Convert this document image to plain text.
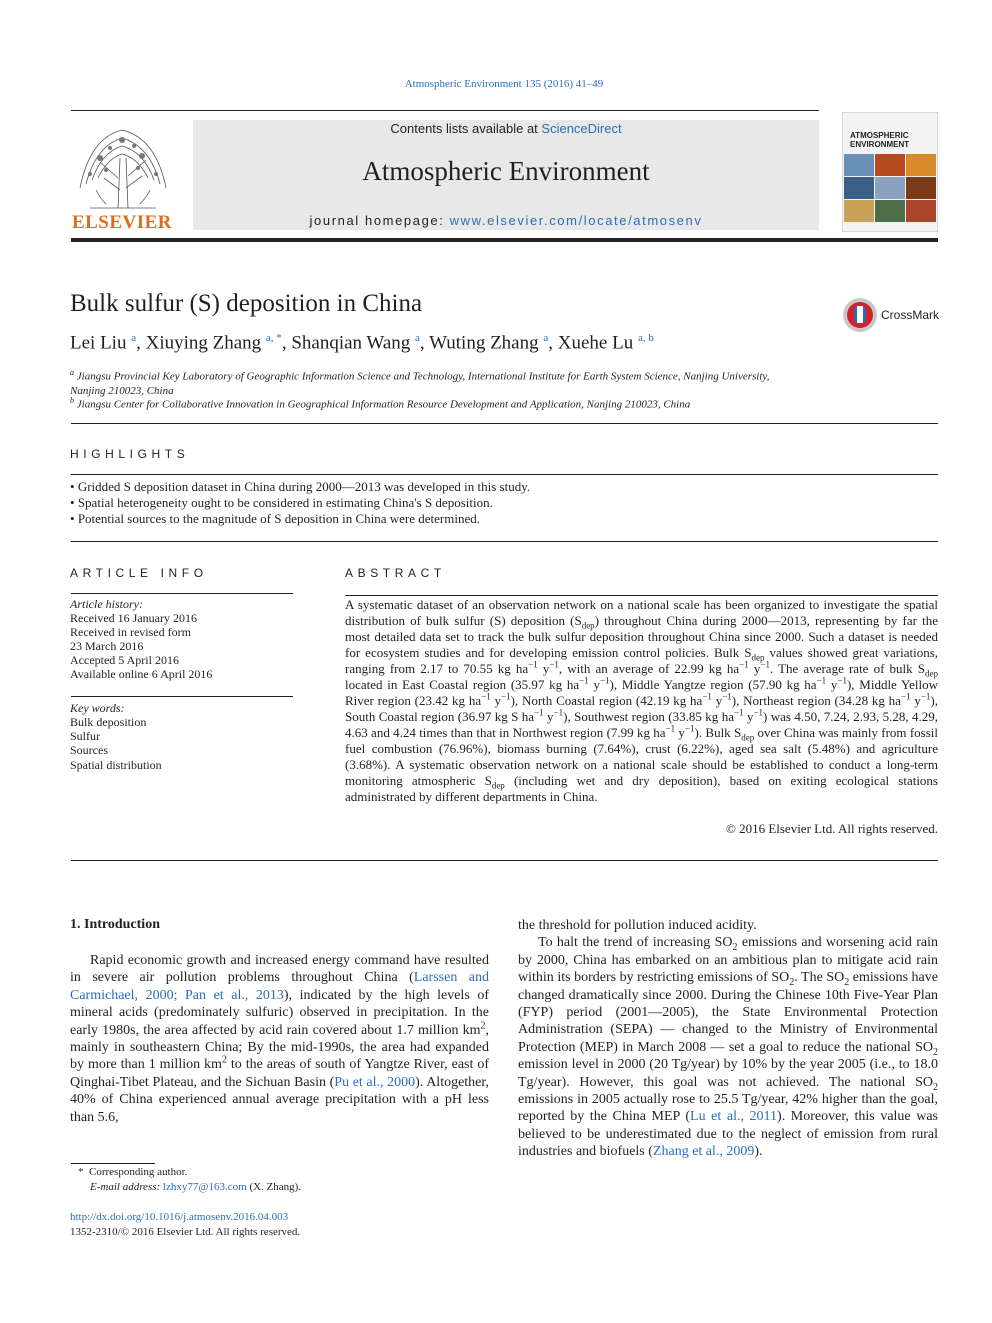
Atmospheric Environment 135 (2016) 41–49
ELSEVIER
Contents lists available at ScienceDirect
Atmospheric Environment
journal homepage: www.elsevier.com/locate/atmosenv
ATMOSPHERIC
ENVIRONMENT
Bulk sulfur (S) deposition in China	CrossMark
Lei Liu $^a$, Xiuying Zhang $^{a, *}$, Shanqian Wang $^a$, Wuting Zhang $^a$, Xuehe Lu $^{a, b}$
$^a$ Jiangsu Provincial Key Laboratory of Geographic Information Science and Technology, International Institute for Earth System Science, Nanjing University,
Nanjing 210023, China
$^b$ Jiangsu Center for Collaborative Innovation in Geographical Information Resource Development and Application, Nanjing 210023, China
HIGHLIGHTS
• Gridded S deposition dataset in China during 2000—2013 was developed in this study.
• Spatial heterogeneity ought to be considered in estimating China's S deposition.
• Potential sources to the magnitude of S deposition in China were determined.
ARTICLE INFO
Article history:
Received 16 January 2016
Received in revised form
23 March 2016
Accepted 5 April 2016
Available online 6 April 2016
Key words:
Bulk deposition
Sulfur
Sources
Spatial distribution
ABSTRACT

A systematic dataset of an observation network on a national scale has been organized to investigate the spatial distribution of bulk sulfur (S) deposition $(S_{dep})$ throughout China during 2000—2013, representing by far the most detailed data set to track the bulk sulfur deposition throughout China since 2000. Such a dataset is needed for ecosystem studies and for developing emission control policies. Bulk $S_{dep}$ values showed great variations, ranging from 2.17 to 70.55 kg $ha^{-1}$ $y^{-1}$, with an average of 22.99 kg $ha^{-1}$ $y^{-1}$. The average rate of bulk $S_{dep}$ located in East Coastal region (35.97 kg $ha^{-1}$ $y^{-1}$), Middle Yangtze region (57.90 kg $ha^{-1}$ $y^{-1}$), Middle Yellow River region (23.42 kg $ha^{-1}$ $y^{-1}$), North Coastal region (42.19 kg $ha^{-1}$ $y^{-1}$), Northeast region (34.28 kg $ha^{-1}$ $y^{-1}$), South Coastal region (36.97 kg S $ha^{-1}$ $y^{-1}$), Southwest region (33.85 kg $ha^{-1}$ $y^{-1}$) was 4.50, 7.24, 2.93, 5.28, 4.29, 4.63 and 4.24 times than that in Northwest region (7.99 kg $ha^{-1}$ $y^{-1}$). Bulk $S_{dep}$ over China was mainly from fossil fuel combustion (76.96%), biomass burning (7.64%), crust (6.22%), aged sea salt (5.48%) and agriculture (3.68%). A systematic observation network on a national scale should be established to conduct a long-term monitoring atmospheric $S_{dep}$ (including wet and dry deposition), based on exiting ecological stations administrated by different departments in China.

© 2016 Elsevier Ltd. All rights reserved.
1. Introduction

Rapid economic growth and increased energy command have resulted in severe air pollution problems throughout China (Larssen and Carmichael, 2000; Pan et al., 2013), indicated by the high levels of mineral acids (predominately sulfuric) observed in precipitation. In the early 1980s, the area affected by acid rain covered about 1.7 million $km^2$, mainly in southeastern China; By the mid-1990s, the area had expanded by more than 1 million $km^2$ to the areas of south of Yangtze River, east of Qinghai-Tibet Plateau, and the Sichuan Basin (Pu et al., 2000). Altogether, 40% of China experienced annual average precipitation with a pH less than 5.6,

the threshold for pollution induced acidity.

To halt the trend of increasing $SO_2$ emissions and worsening acid rain by 2000, China has embarked on an ambitious plan to mitigate acid rain within its borders by restricting emissions of $SO_2$. The $SO_2$ emissions have changed dramatically since 2000. During the Chinese 10th Five-Year Plan (FYP) period (2001—2005), the State Environmental Protection Administration (SEPA) — changed to the Ministry of Environmental Protection (MEP) in March 2008 — set a goal to reduce the national $SO_2$ emission level in 2000 (20 Tg/year) by 10% by the year 2005 (i.e., to 18.0 Tg/year). However, this goal was not achieved. The national $SO_2$ emissions in 2005 actually rose to 25.5 Tg/year, 42% higher than the goal, reported by the China MEP (Lu et al., 2011). Moreover, this value was believed to be underestimated due to the neglect of emission from rural industries and biofuels (Zhang et al., 2009).

* Corresponding author.
E-mail address: lzhxy77@163.com (X. Zhang).
http://dx.doi.org/10.1016/j.atmosenv.2016.04.003
1352-2310/© 2016 Elsevier Ltd. All rights reserved.
